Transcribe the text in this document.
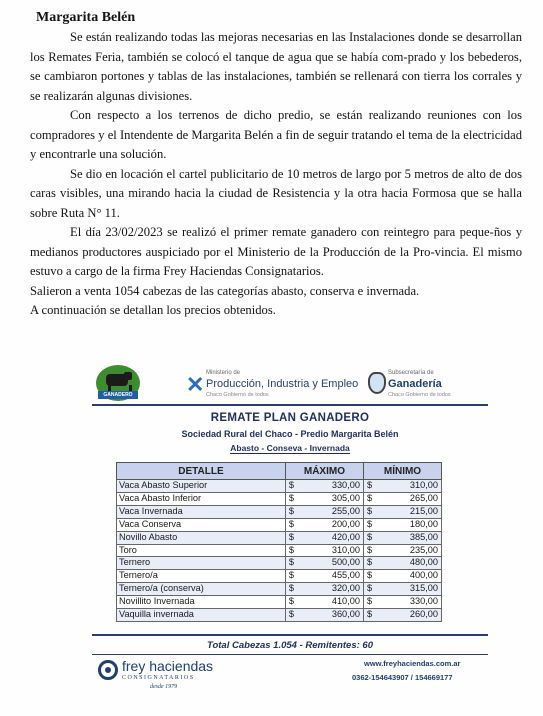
Margarita Belén

Se están realizando todas las mejoras necesarias en las Instalaciones donde se desarrollan los Remates Feria, también se colocó el tanque de agua que se había com-prado y los bebederos, se cambiaron portones y tablas de las instalaciones, también se rellenará con tierra los corrales y se realizarán algunas divisiones.

Con respecto a los terrenos de dicho predio, se están realizando reuniones con los compradores y el Intendente de Margarita Belén a fin de seguir tratando el tema de la electricidad y encontrarle una solución.

Se dio en locación el cartel publicitario de 10 metros de largo por 5 metros de alto de dos caras visibles, una mirando hacia la ciudad de Resistencia y la otra hacia Formosa que se halla sobre Ruta N° 11.

El día 23/02/2023 se realizó el primer remate ganadero con reintegro para peque-ños y medianos productores auspiciado por el Ministerio de la Producción de la Pro-vincia. El mismo estuvo a cargo de la firma Frey Haciendas Consignatarios.

Salieron a venta 1054 cabezas de las categorías abasto, conserva e invernada.

A continuación se detallan los precios obtenidos.

GANADERO ✕ Ministerio de
Producción, Industria y Empleo
Chaco Gobierno de todos
Subsecretaría de
Ganadería
Chaco Gobierno de todos
REMATE PLAN GANADERO
Sociedad Rural del Chaco - Predio Margarita Belén
Abasto - Conseva - Invernada
DETALLE	MÁXIMO		MÍNIMO	
Vaca Abasto Superior	$	330,00	$	310,00
Vaca Abasto Inferior	$	305,00	$	265,00
Vaca Invernada	$	255,00	$	215,00
Vaca Conserva	$	200,00	$	180,00
Novillo Abasto	$	420,00	$	385,00
Toro	$	310,00	$	235,00
Ternero	$	500,00	$	480,00
Ternero/a	$	455,00	$	400,00
Ternero/a (conserva)	$	320,00	$	315,00
Novillito Invernada	$	410,00	$	330,00
Vaquilla invernada	$	360,00	$	260,00
Total Cabezas 1.054 - Remitentes: 60
frey haciendas
CONSIGNATARIOS
desde 1979
www.freyhaciendas.com.ar
0362-154643907 / 154669177
